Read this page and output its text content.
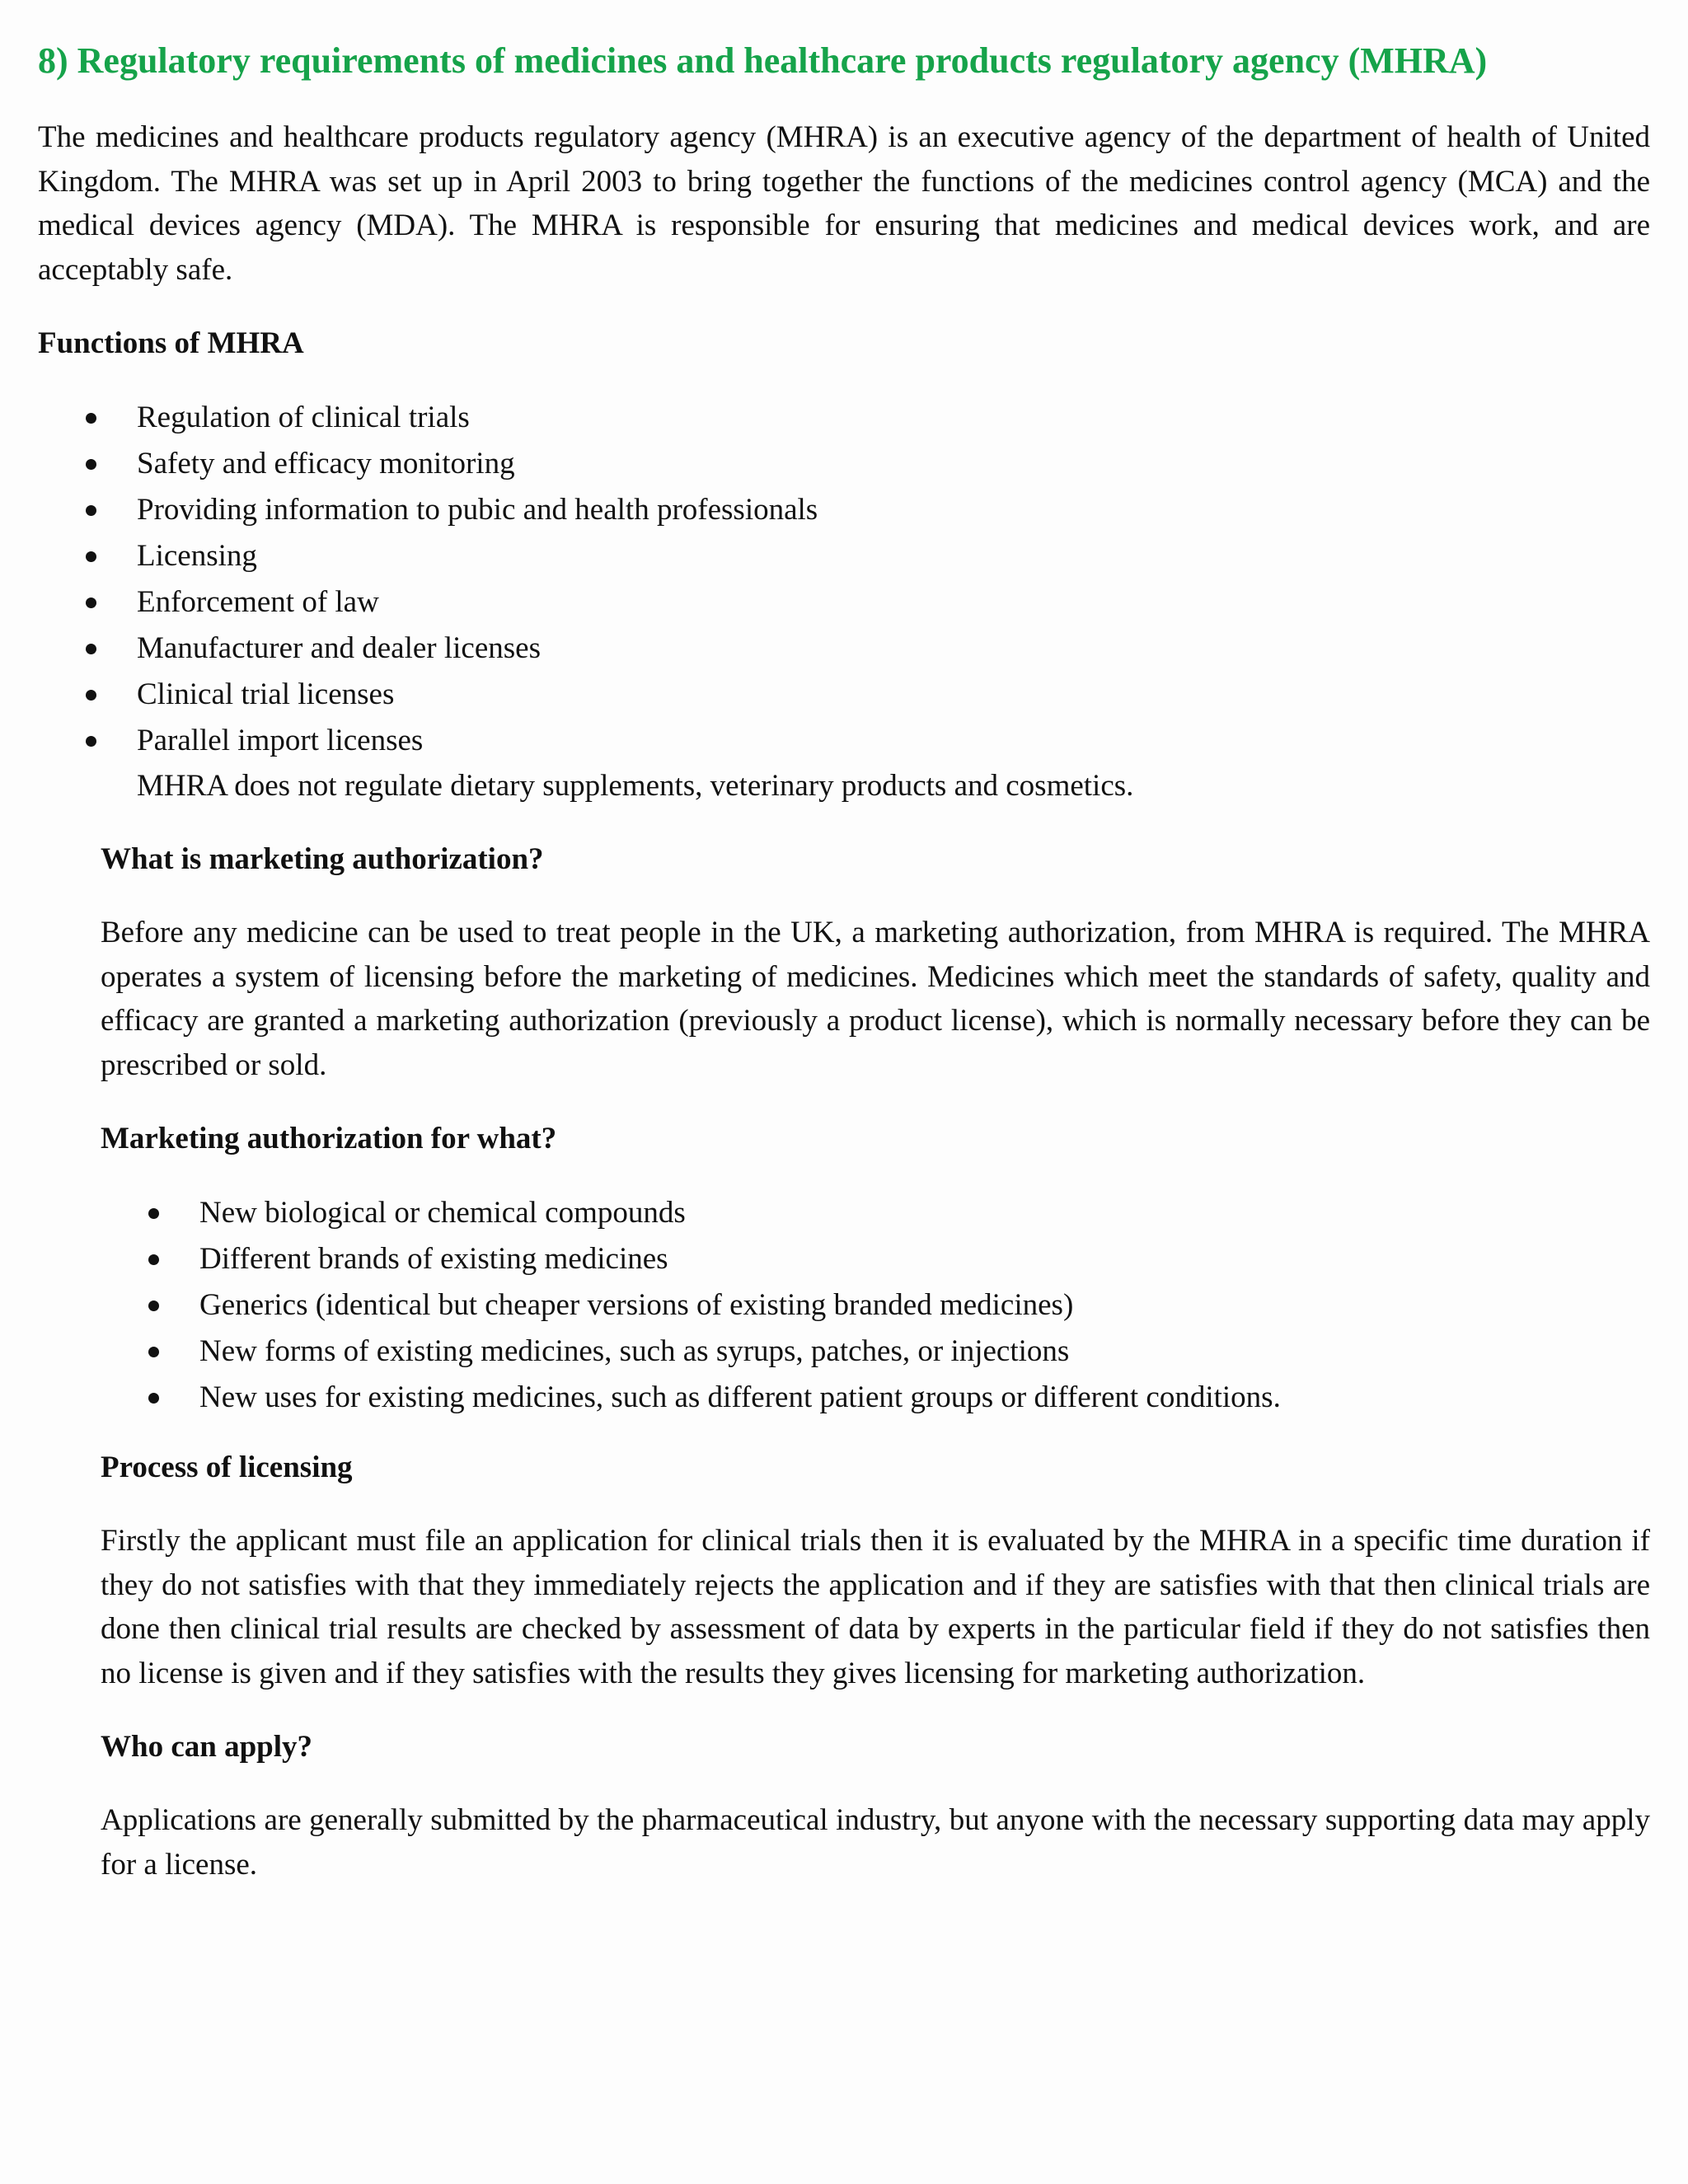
8) Regulatory requirements of medicines and healthcare products regulatory agency (MHRA)

The medicines and healthcare products regulatory agency (MHRA) is an executive agency of the department of health of United Kingdom. The MHRA was set up in April 2003 to bring together the functions of the medicines control agency (MCA) and the medical devices agency (MDA). The MHRA is responsible for ensuring that medicines and medical devices work, and are acceptably safe.

Functions of MHRA
Regulation of clinical trials
Safety and efficacy monitoring
Providing information to pubic and health professionals
Licensing
Enforcement of law
Manufacturer and dealer licenses
Clinical trial licenses
Parallel import licenses

MHRA does not regulate dietary supplements, veterinary products and cosmetics.

What is marketing authorization?

Before any medicine can be used to treat people in the UK, a marketing authorization, from MHRA is required. The MHRA operates a system of licensing before the marketing of medicines. Medicines which meet the standards of safety, quality and efficacy are granted a marketing authorization (previously a product license), which is normally necessary before they can be prescribed or sold.

Marketing authorization for what?
New biological or chemical compounds
Different brands of existing medicines
Generics (identical but cheaper versions of existing branded medicines)
New forms of existing medicines, such as syrups, patches, or injections
New uses for existing medicines, such as different patient groups or different conditions.
Process of licensing

Firstly the applicant must file an application for clinical trials then it is evaluated by the MHRA in a specific time duration if they do not satisfies with that they immediately rejects the application and if they are satisfies with that then clinical trials are done then clinical trial results are checked by assessment of data by experts in the particular field if they do not satisfies then no license is given and if they satisfies with the results they gives licensing for marketing authorization.

Who can apply?

Applications are generally submitted by the pharmaceutical industry, but anyone with the necessary supporting data may apply for a license.
